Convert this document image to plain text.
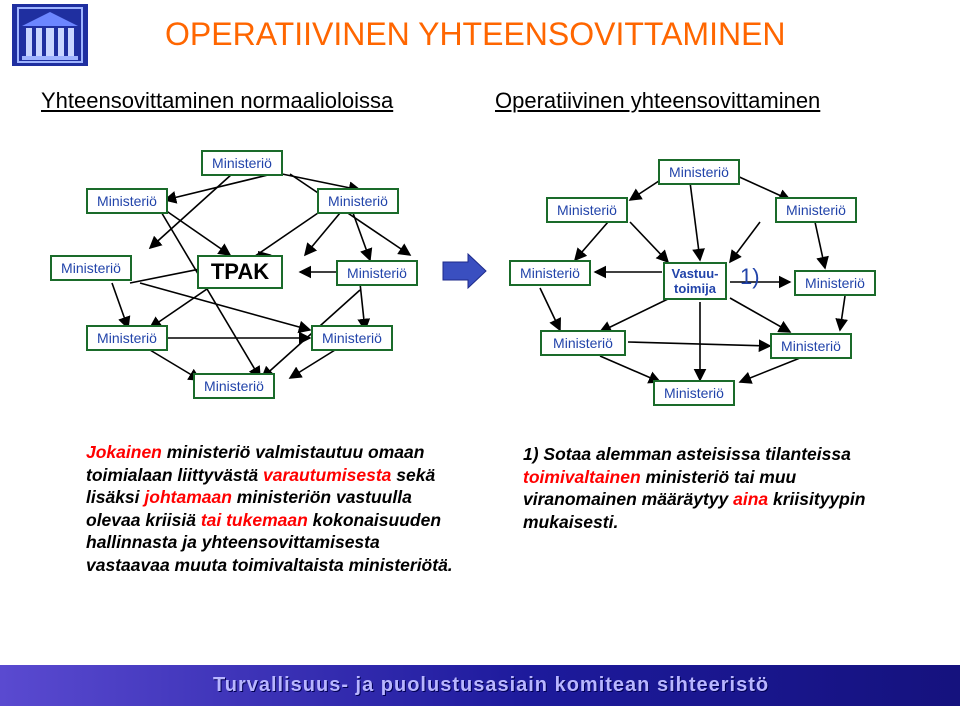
OPERATIIVINEN YHTEENSOVITTAMINEN
Yhteensovittaminen normaalioloissa	Operatiivinen yhteensovittaminen
Ministeriö
Ministeriö	Ministeriö
Ministeriö	TPAK	Ministeriö
Ministeriö	Ministeriö
Ministeriö
Ministeriö
Ministeriö	Ministeriö
Ministeriö	Vastuu-
toimija 1)	Ministeriö
Ministeriö	Ministeriö
Ministeriö
Jokainen ministeriö valmistautuu omaan toimialaan liittyvästä varautumisesta sekä lisäksi johtamaan ministeriön vastuulla olevaa kriisiä tai tukemaan kokonaisuuden hallinnasta ja yhteensovittamisesta vastaavaa muuta toimivaltaista ministeriötä.
1) Sotaa alemman asteisissa tilanteissa toimivaltainen ministeriö tai muu viranomainen määräytyy aina kriisityypin mukaisesti.
Turvallisuus- ja puolustusasiain komitean sihteeristö
